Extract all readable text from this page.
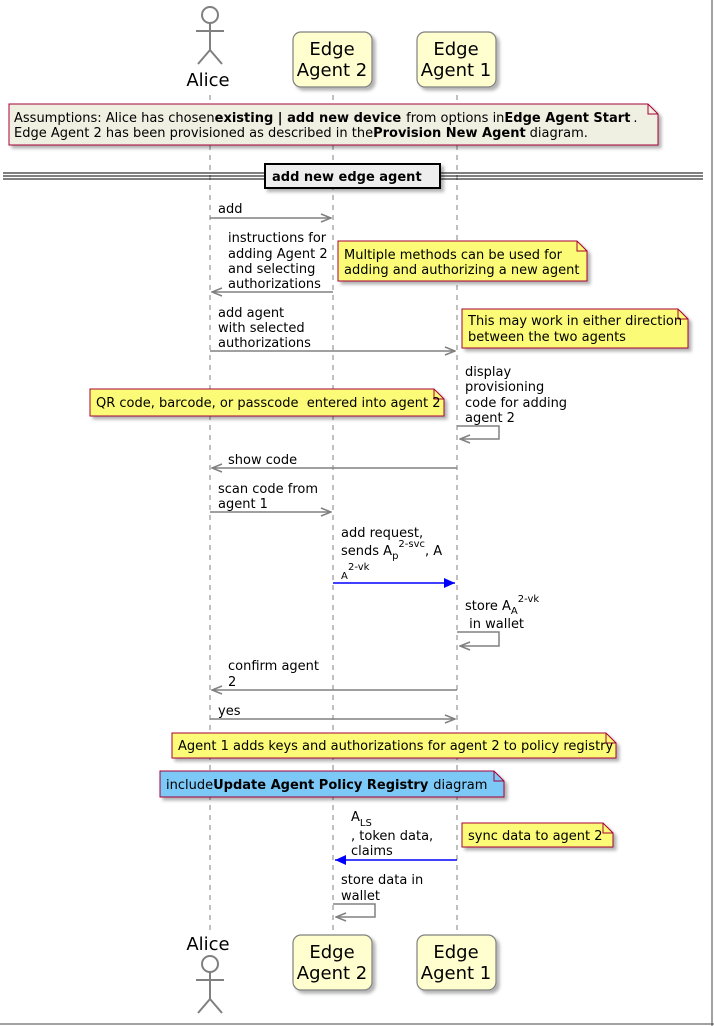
Alice
Edge
Agent 2
Edge
Agent 1
Assumptions: Alice has chosenexisting | add new device from options inEdge Agent Start .
Edge Agent 2 has been provisioned as described in theProvision New Agent diagram.
add new edge agent
add
instructions for
adding Agent 2
and selecting
authorizations
Multiple methods can be used for
adding and authorizing a new agent
add agent
with selected
authorizations
This may work in either direction
between the two agents
display
provisioning
code for adding
agent 2
QR code, barcode, or passcode  entered into agent 2
show code
scan code from
agent 1
add request,
sends $A_p^{2-svc}$, A
A
2-vk
store $A_A^{2-vk}$
in wallet
confirm agent
2
yes
Agent 1 adds keys and authorizations for agent 2 to policy registry
includeUpdate Agent Policy Registry diagram
$A_{LS}$
, token data,
claims
sync data to agent 2
store data in
wallet
Alice	Edge
Agent 2
Edge
Agent 1
